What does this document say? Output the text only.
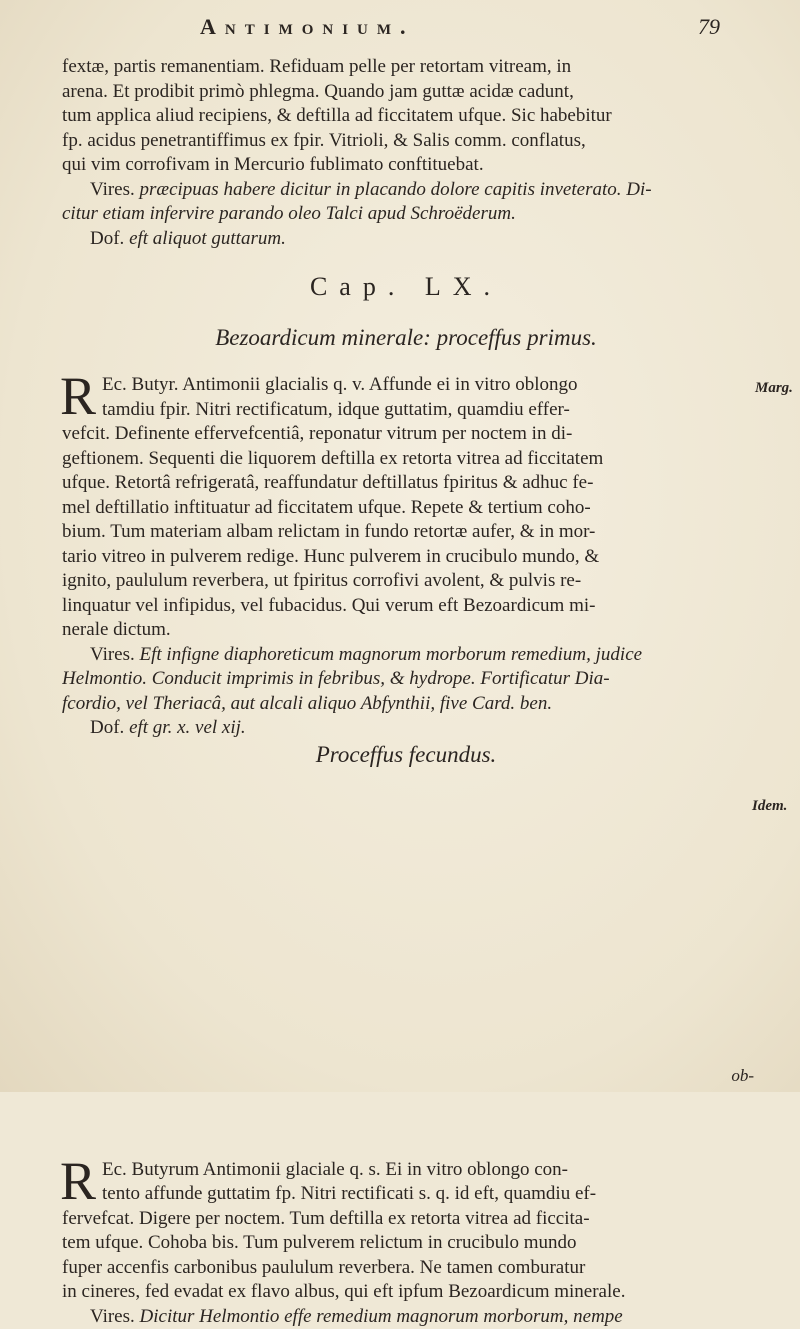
Antimonium.	79
fextæ, partis remanentiam. Refiduam pelle per retortam vitream, in
arena. Et prodibit primò phlegma. Quando jam guttæ acidæ cadunt,
tum applica aliud recipiens, & deftilla ad ficcitatem ufque. Sic habebitur
fp. acidus penetrantiffimus ex fpir. Vitrioli, & Salis comm. conflatus,
qui vim corrofivam in Mercurio fublimato conftituebat.
Vires. præcipuas habere dicitur in placando dolore capitis inveterato. Di-
citur etiam infervire parando oleo Talci apud Schroëderum.
Dof. eft aliquot guttarum.
Cap. LX.
Bezoardicum minerale: proceffus primus.
R Ec. Butyr. Antimonii glacialis q. v. Affunde ei in vitro oblongo
tamdiu fpir. Nitri rectificatum, idque guttatim, quamdiu effer-
vefcit. Definente effervefcentiâ, reponatur vitrum per noctem in di-
geftionem. Sequenti die liquorem deftilla ex retorta vitrea ad ficcitatem
ufque. Retortâ refrigeratâ, reaffundatur deftillatus fpiritus & adhuc fe-
mel deftillatio inftituatur ad ficcitatem ufque. Repete & tertium coho-
bium. Tum materiam albam relictam in fundo retortæ aufer, & in mor-
tario vitreo in pulverem redige. Hunc pulverem in crucibulo mundo, &
ignito, paululum reverbera, ut fpiritus corrofivi avolent, & pulvis re-
linquatur vel infipidus, vel fubacidus. Qui verum eft Bezoardicum mi-
nerale dictum.
Vires. Eft infigne diaphoreticum magnorum morborum remedium, judice
Helmontio. Conducit imprimis in febribus, & hydrope. Fortificatur Dia-
fcordio, vel Theriacâ, aut alcali aliquo Abfynthii, five Card. ben.
Dof. eft gr. x. vel xij.
Marg.
Proceffus fecundus.
R Ec. Butyrum Antimonii glaciale q. s. Ei in vitro oblongo con-
tento affunde guttatim fp. Nitri rectificati s. q. id eft, quamdiu ef-
fervefcat. Digere per noctem. Tum deftilla ex retorta vitrea ad ficcita-
tem ufque. Cohoba bis. Tum pulverem relictum in crucibulo mundo
fuper accenfis carbonibus paululum reverbera. Ne tamen comburatur
in cineres, fed evadat ex flavo albus, qui eft ipfum Bezoardicum minerale.
Vires. Dicitur Helmontio effe remedium magnorum morborum, nempe
Idem.
ob-
